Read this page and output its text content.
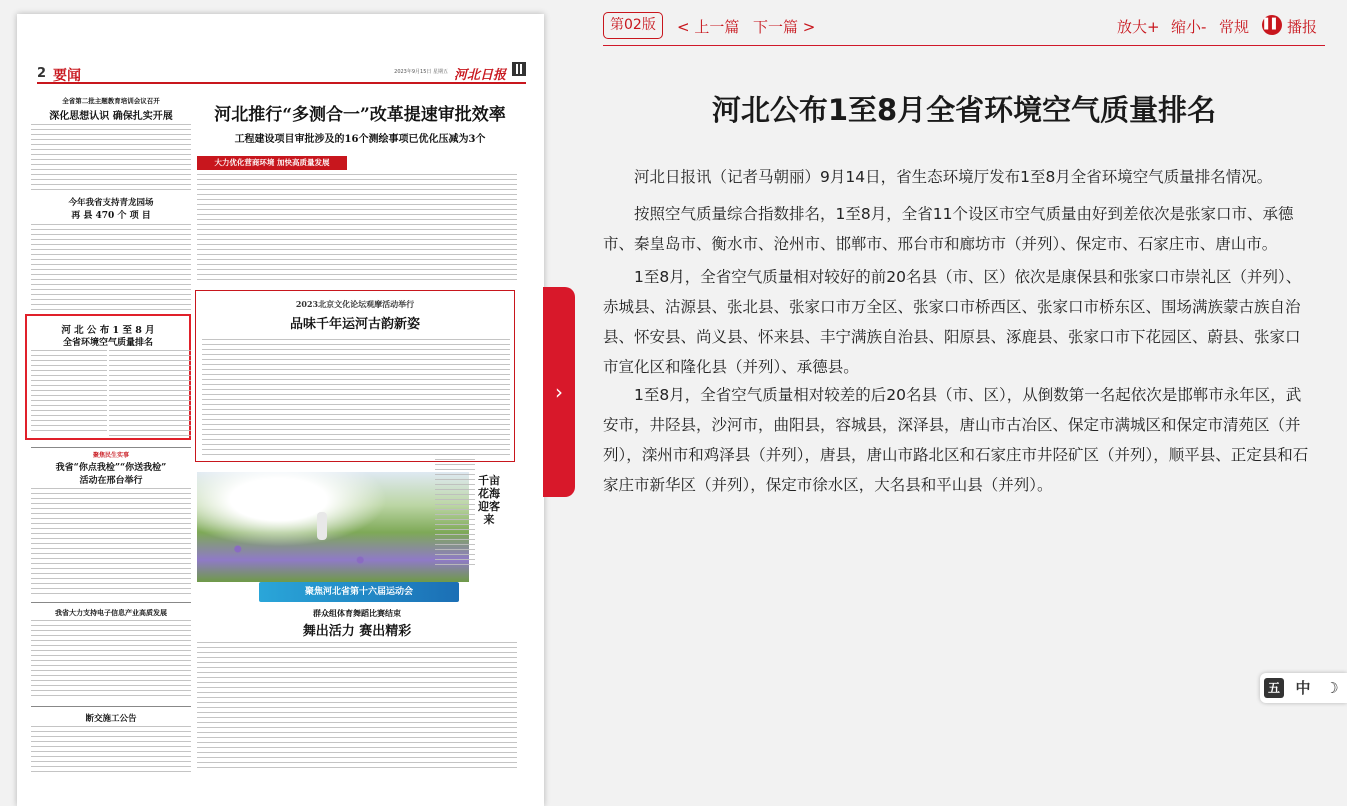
2 要闻	2023年9月15日 星期五 河北日报
全省第二批主题教育培训会议召开
深化思想认识 确保扎实开展
今年我省支持青龙园场
再 县 470 个 项 目
河 北 公 布 1 至 8 月
全省环境空气质量排名
河北推行“多测合一”改革提速审批效率
工程建设项目审批涉及的16个测绘事项已优化压减为3个
大力优化营商环境 加快高质量发展
2023北京文化论坛观摩活动举行
品味千年运河古韵新姿
聚焦民生实事
我省“你点我检”“你送我检”
活动在邢台举行	千亩花海迎客来
聚焦河北省第十六届运动会
群众组体育舞蹈比赛结束
舞出活力 赛出精彩
我省大力支持电子信息产业高质发展
断交施工公告
›
第02版	< 上一篇 下一篇 >	放大+ 缩小- 常规 ▌▌ 播报
河北公布1至8月全省环境空气质量排名

河北日报讯（记者马朝丽）9月14日，省生态环境厅发布1至8月全省环境空气质量排名情况。

按照空气质量综合指数排名，1至8月，全省11个设区市空气质量由好到差依次是张家口市、承德市、秦皇岛市、衡水市、沧州市、邯郸市、邢台市和廊坊市（并列）、保定市、石家庄市、唐山市。

1至8月，全省空气质量相对较好的前20名县（市、区）依次是康保县和张家口市崇礼区（并列）、赤城县、沽源县、张北县、张家口市万全区、张家口市桥西区、张家口市桥东区、围场满族蒙古族自治县、怀安县、尚义县、怀来县、丰宁满族自治县、阳原县、涿鹿县、张家口市下花园区、蔚县、张家口市宣化区和隆化县（并列）、承德县。

1至8月，全省空气质量相对较差的后20名县（市、区），从倒数第一名起依次是邯郸市永年区，武安市，井陉县，沙河市，曲阳县，容城县，深泽县，唐山市古冶区、保定市满城区和保定市清苑区（并列），滦州市和鸡泽县（并列），唐县，唐山市路北区和石家庄市井陉矿区（并列），顺平县、正定县和石家庄市新华区（并列），保定市徐水区，大名县和平山县（并列）。

五 中 ☽
